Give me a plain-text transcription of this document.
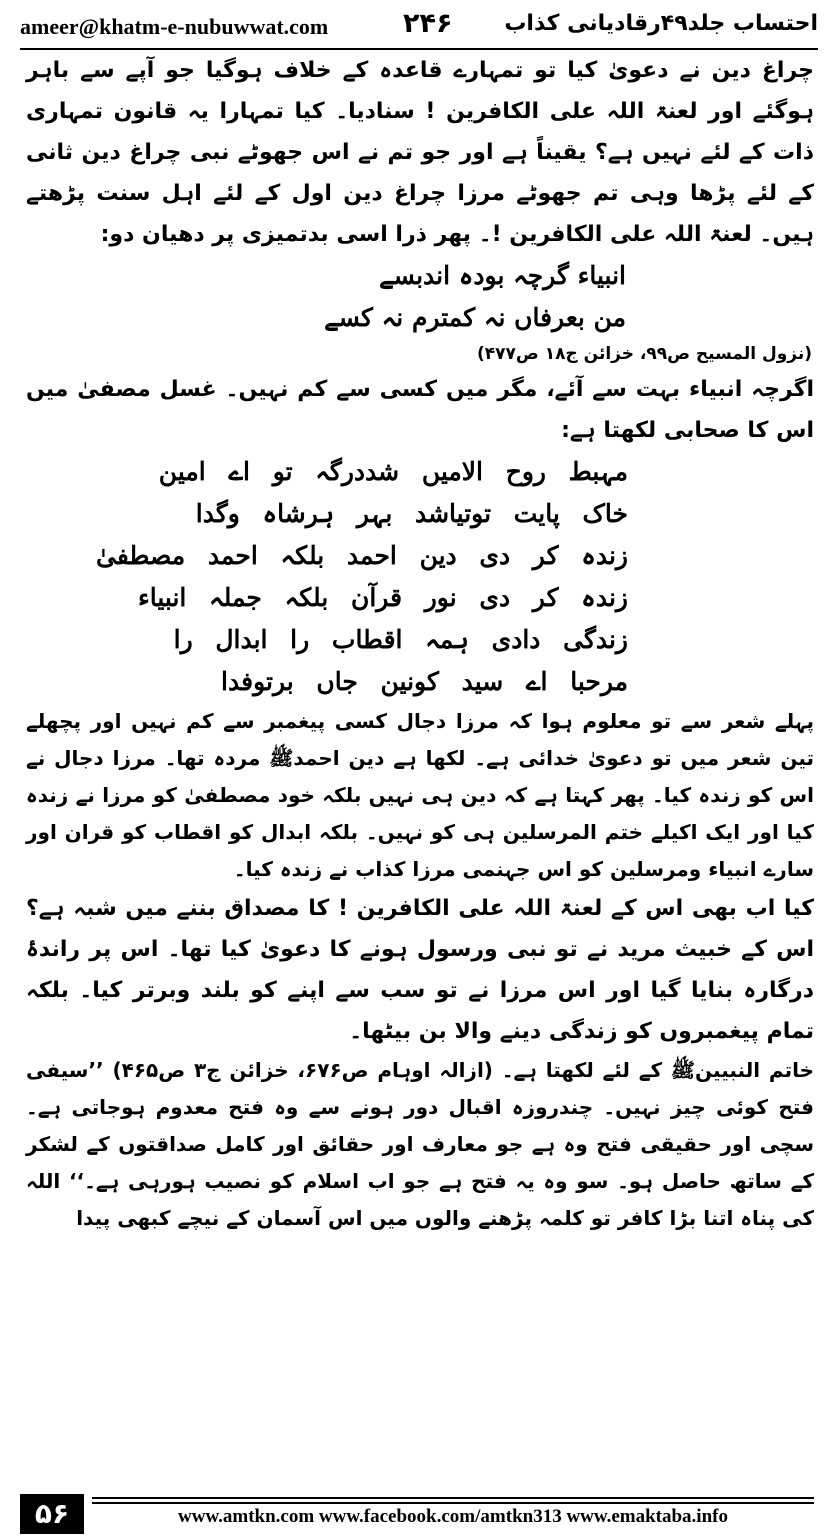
ameer@khatm-e-nubuwwat.com	۲۴۶ احتساب جلد۴۹رقادیانی کذاب

چراغ دین نے دعویٰ کیا تو تمہارے قاعدہ کے خلاف ہوگیا جو آپے سے باہر ہوگئے اور لعنۃ اللہ علی الکافرین ! سنادیا۔ کیا تمہارا یہ قانون تمہاری ذات کے لئے نہیں ہے؟ یقیناً ہے اور جو تم نے اس جھوٹے نبی چراغ دین ثانی کے لئے پڑھا وہی تم جھوٹے مرزا چراغ دین اول کے لئے اہل سنت پڑھتے ہیں۔ لعنۃ اللہ علی الکافرین !۔ پھر ذرا اسی بدتمیزی پر دھیان دو:

انبیاء گرچہ بودہ اندبسے

من بعرفاں نہ کمترم نہ کسے

(نزول المسیح ص۹۹، خزائن ج۱۸ ص۴۷۷)

اگرچہ انبیاء بہت سے آئے، مگر میں کسی سے کم نہیں۔ غسل مصفیٰ میں اس کا صحابی لکھتا ہے:

مہبط روح الامیں شددرگہ تو اے امین

خاک پایت توتیاشد بہر ہرشاہ وگدا

زندہ کر دی دین احمد بلکہ احمد مصطفیٰ

زندہ کر دی نور قرآن بلکہ جملہ انبیاء

زندگی دادی ہمہ اقطاب را ابدال را

مرحبا اے سید کونین جاں برتوفدا

پہلے شعر سے تو معلوم ہوا کہ مرزا دجال کسی پیغمبر سے کم نہیں اور پچھلے تین شعر میں تو دعویٰ خدائی ہے۔ لکھا ہے دین احمدﷺ مردہ تھا۔ مرزا دجال نے اس کو زندہ کیا۔ پھر کہتا ہے کہ دین ہی نہیں بلکہ خود مصطفیٰ کو مرزا نے زندہ کیا اور ایک اکیلے ختم المرسلین ہی کو نہیں۔ بلکہ ابدال کو اقطاب کو قران اور سارے انبیاء ومرسلین کو اس جہنمی مرزا کذاب نے زندہ کیا۔

کیا اب بھی اس کے لعنۃ اللہ علی الکافرین ! کا مصداق بننے میں شبہ ہے؟ اس کے خبیث مرید نے تو نبی ورسول ہونے کا دعویٰ کیا تھا۔ اس پر راندۂ درگارہ بنایا گیا اور اس مرزا نے تو سب سے اپنے کو بلند وبرتر کیا۔ بلکہ تمام پیغمبروں کو زندگی دینے والا بن بیٹھا۔

خاتم النبیینﷺ کے لئے لکھتا ہے۔ (ازالہ اوہام ص۶۷۶، خزائن ج۳ ص۴۶۵) ’’سیفی فتح کوئی چیز نہیں۔ چندروزہ اقبال دور ہونے سے وہ فتح معدوم ہوجاتی ہے۔ سچی اور حقیقی فتح وہ ہے جو معارف اور حقائق اور کامل صداقتوں کے لشکر کے ساتھ حاصل ہو۔ سو وہ یہ فتح ہے جو اب اسلام کو نصیب ہورہی ہے۔‘‘ اللہ کی پناہ اتنا بڑا کافر تو کلمہ پڑھنے والوں میں اس آسمان کے نیچے کبھی پیدا

۵۶	www.amtkn.com www.facebook.com/amtkn313 www.emaktaba.info
